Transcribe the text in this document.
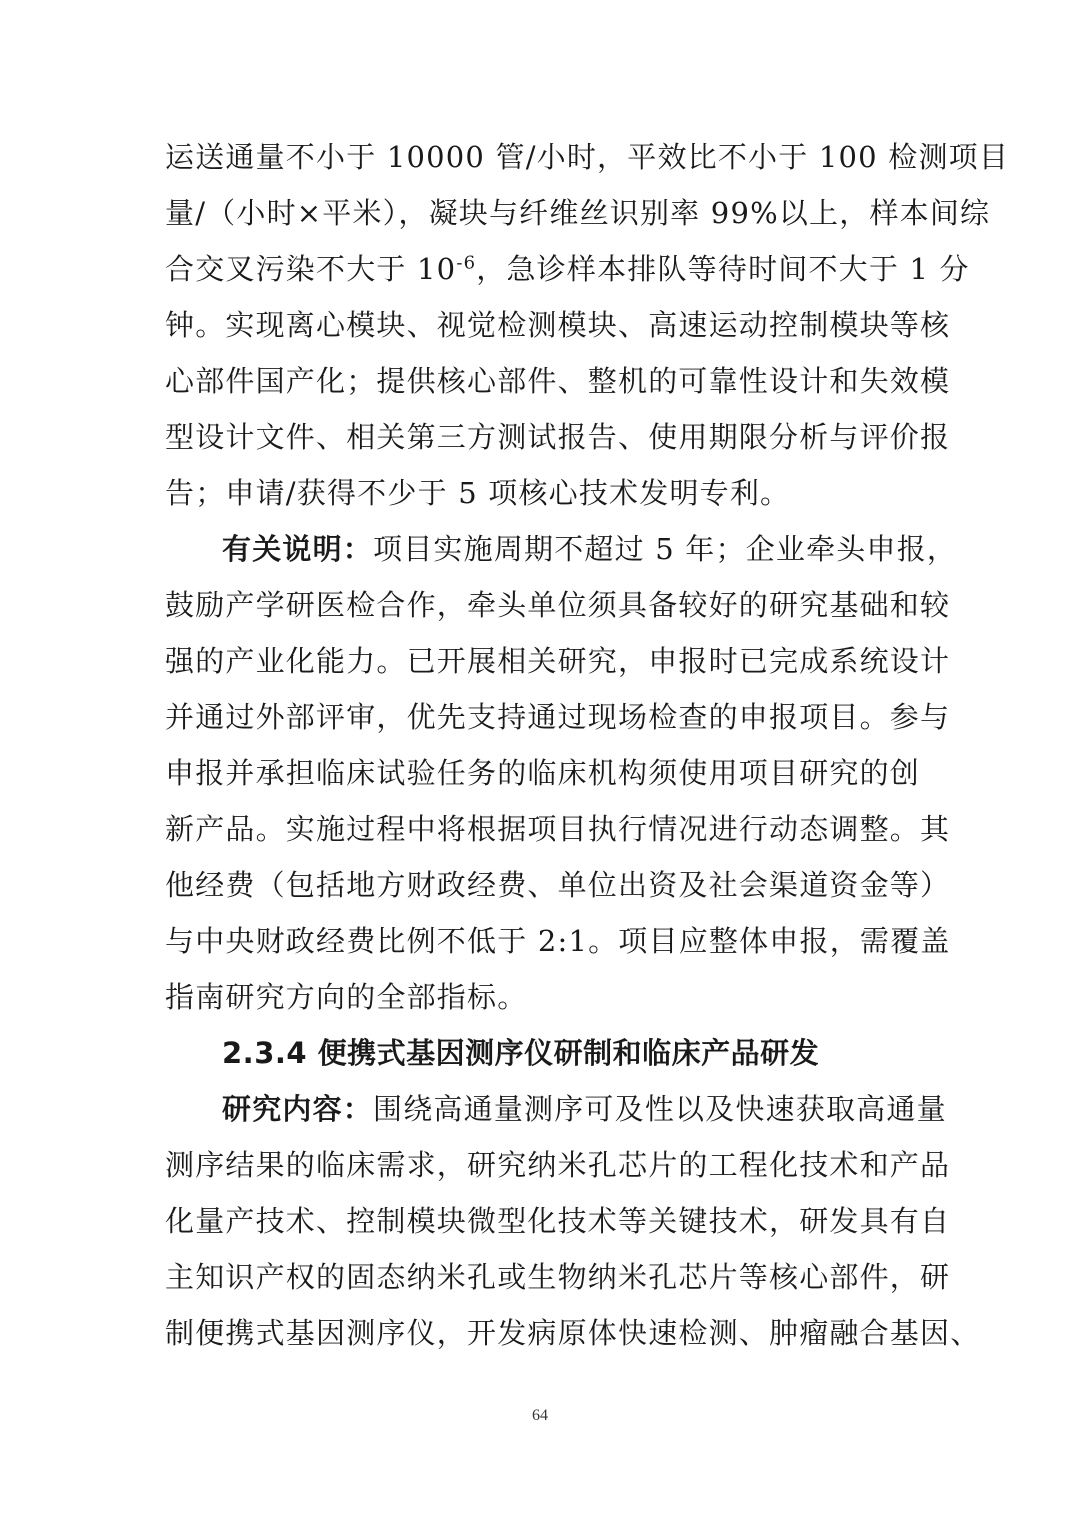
运送通量不小于 10000 管/小时，平效比不小于 100 检测项目
量/（小时×平米），凝块与纤维丝识别率 99%以上，样本间综
合交叉污染不大于 $10^{-6}$，急诊样本排队等待时间不大于 1 分
钟。实现离心模块、视觉检测模块、高速运动控制模块等核
心部件国产化；提供核心部件、整机的可靠性设计和失效模
型设计文件、相关第三方测试报告、使用期限分析与评价报
告；申请/获得不少于 5 项核心技术发明专利。
有关说明：项目实施周期不超过 5 年；企业牵头申报，
鼓励产学研医检合作，牵头单位须具备较好的研究基础和较
强的产业化能力。已开展相关研究，申报时已完成系统设计
并通过外部评审，优先支持通过现场检查的申报项目。参与
申报并承担临床试验任务的临床机构须使用项目研究的创
新产品。实施过程中将根据项目执行情况进行动态调整。其
他经费（包括地方财政经费、单位出资及社会渠道资金等）
与中央财政经费比例不低于 2:1。项目应整体申报，需覆盖
指南研究方向的全部指标。
2.3.4 便携式基因测序仪研制和临床产品研发
研究内容：围绕高通量测序可及性以及快速获取高通量
测序结果的临床需求，研究纳米孔芯片的工程化技术和产品
化量产技术、控制模块微型化技术等关键技术，研发具有自
主知识产权的固态纳米孔或生物纳米孔芯片等核心部件，研
制便携式基因测序仪，开发病原体快速检测、肿瘤融合基因、
64
